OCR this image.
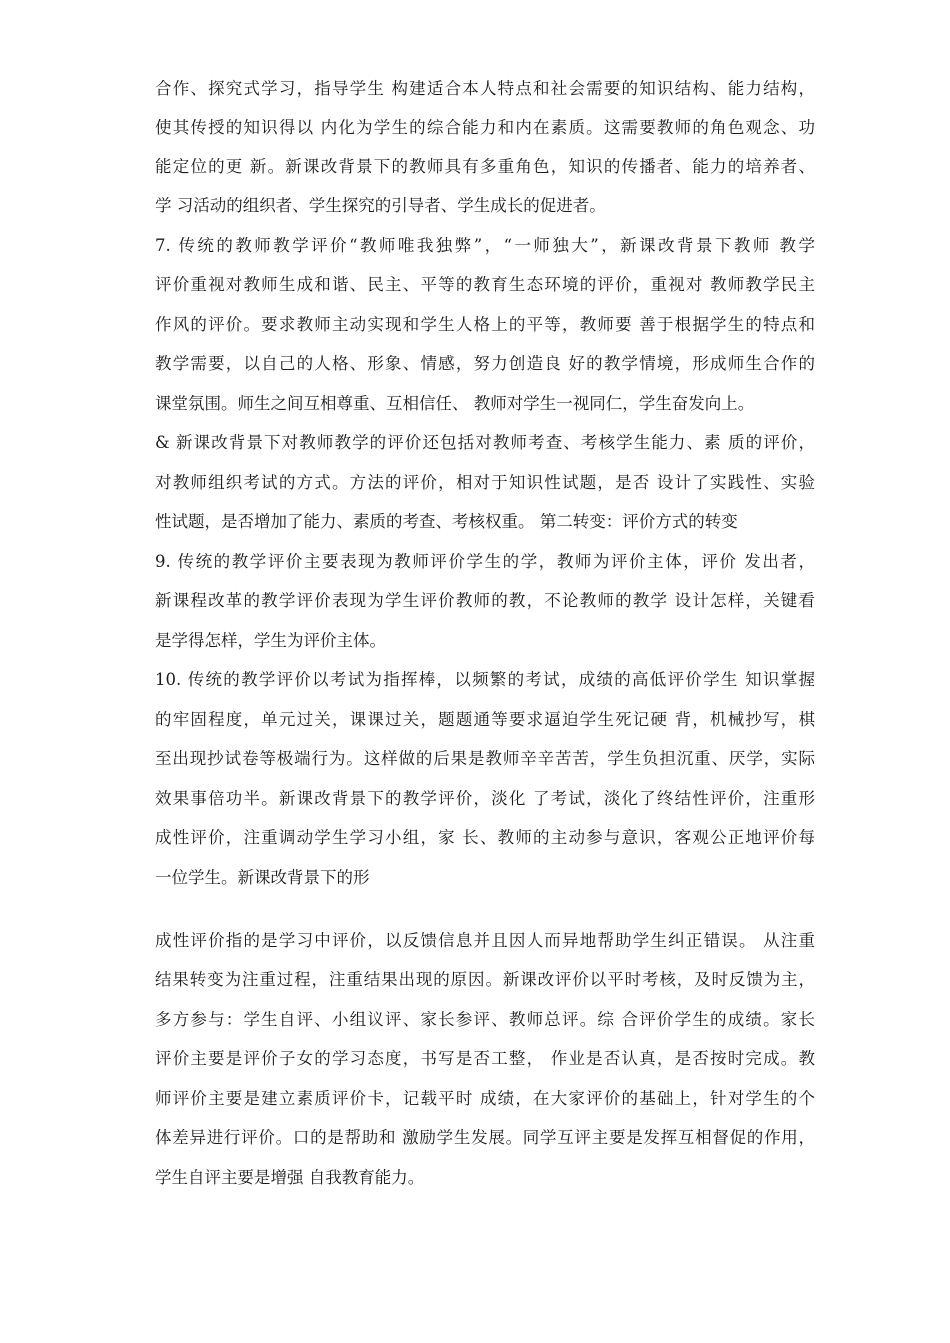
合作、探究式学习，指导学生 构建适合本人特点和社会需要的知识结构、能力结构，
使其传授的知识得以 内化为学生的综合能力和内在素质。这需要教师的角色观念、功
能定位的更 新。新课改背景下的教师具有多重角色，知识的传播者、能力的培养者、
学 习活动的组织者、学生探究的引导者、学生成长的促进者。
7. 传统的教师教学评价“教师唯我独弊”，“一师独大”，新课改背景下教师 教学
评价重视对教师生成和谐、民主、平等的教育生态环境的评价，重视对 教师教学民主
作风的评价。要求教师主动实现和学生人格上的平等，教师要 善于根据学生的特点和
教学需要，以自己的人格、形象、情感，努力创造良 好的教学情境，形成师生合作的
课堂氛围。师生之间互相尊重、互相信任、 教师对学生一视同仁，学生奋发向上。
& 新课改背景下对教师教学的评价还包括对教师考查、考核学生能力、素 质的评价，
对教师组织考试的方式。方法的评价，相对于知识性试题，是否 设计了实践性、实验
性试题，是否增加了能力、素质的考查、考核权重。 第二转变：评价方式的转变
9. 传统的教学评价主要表现为教师评价学生的学，教师为评价主体，评价 发出者，
新课程改革的教学评价表现为学生评价教师的教，不论教师的教学 设计怎样，关键看
是学得怎样，学生为评价主体。
10. 传统的教学评价以考试为指挥棒，以频繁的考试，成绩的高低评价学生 知识掌握
的牢固程度，单元过关，课课过关，题题通等要求逼迫学生死记硬 背，机械抄写，棋
至出现抄试卷等极端行为。这样做的后果是教师辛辛苦苦，学生负担沉重、厌学，实际
效果事倍功半。新课改背景下的教学评价，淡化 了考试，淡化了终结性评价，注重形
成性评价，注重调动学生学习小组，家 长、教师的主动参与意识，客观公正地评价每
一位学生。新课改背景下的形
成性评价指的是学习中评价，以反馈信息并且因人而异地帮助学生纠正错误。 从注重
结果转变为注重过程，注重结果出现的原因。新课改评价以平时考核，及时反馈为主，
多方参与：学生自评、小组议评、家长参评、教师总评。综 合评价学生的成绩。家长
评价主要是评价子女的学习态度，书写是否工整， 作业是否认真，是否按时完成。教
师评价主要是建立素质评价卡，记载平时 成绩，在大家评价的基础上，针对学生的个
体差异进行评价。口的是帮助和 激励学生发展。同学互评主要是发挥互相督促的作用，
学生自评主要是增强 自我教育能力。
